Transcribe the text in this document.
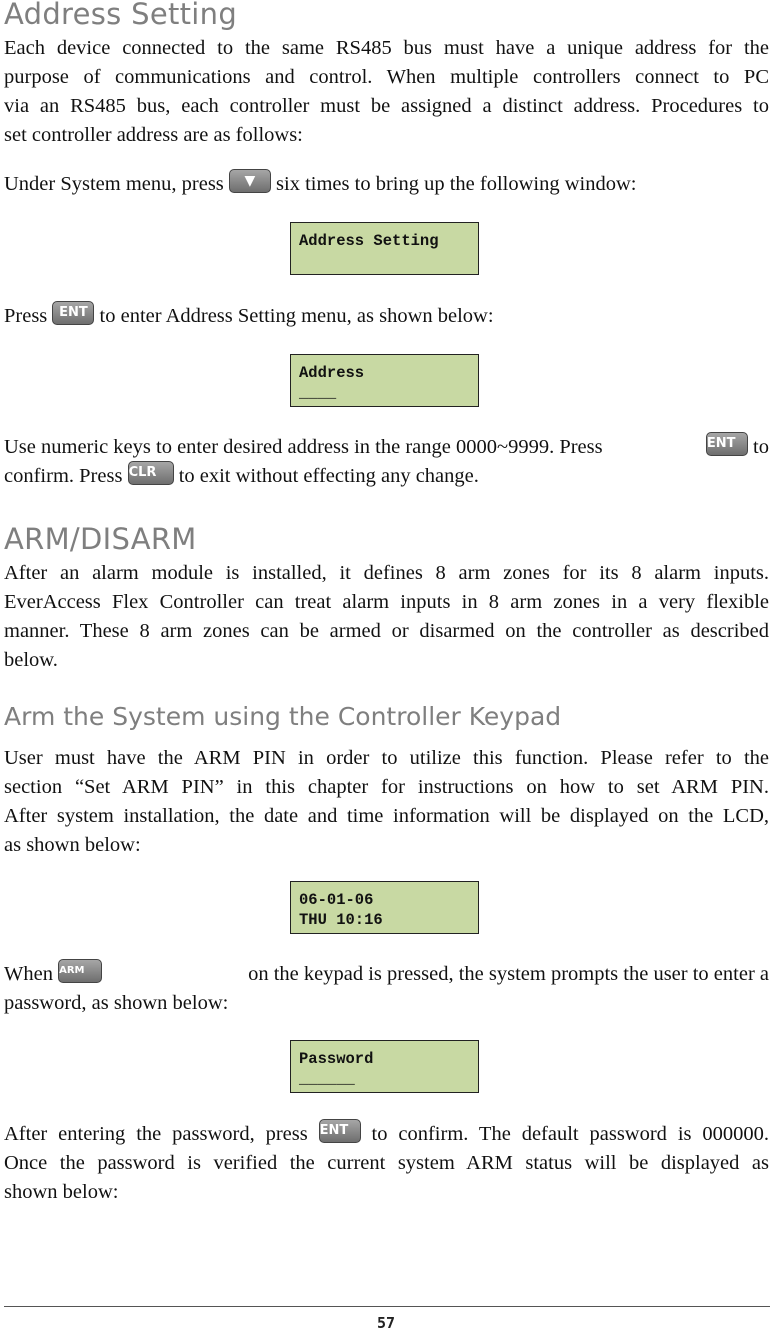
Address Setting
Each device connected to the same RS485 bus must have a unique address for the
purpose of communications and control. When multiple controllers connect to PC
via an RS485 bus, each controller must be assigned a distinct address. Procedures to
set controller address are as follows:
Under System menu, press ▼ six times to bring up the following window:
Address Setting
Press ENT to enter Address Setting menu, as shown below:
Address
____
Use numeric keys to enter desired address in the range 0000~9999. Press	ENT to
confirm. Press CLR to exit without effecting any change.
ARM/DISARM
After an alarm module is installed, it defines 8 arm zones for its 8 alarm inputs.
EverAccess Flex Controller can treat alarm inputs in 8 arm zones in a very flexible
manner. These 8 arm zones can be armed or disarmed on the controller as described
below.
Arm the System using the Controller Keypad
User must have the ARM PIN in order to utilize this function. Please refer to the
section “Set ARM PIN” in this chapter for instructions on how to set ARM PIN.
After system installation, the date and time information will be displayed on the LCD,
as shown below:
06-01-06
THU 10:16
When ARM	on the keypad is pressed, the system prompts the user to enter a
password, as shown below:
Password
______
After entering the password, press ENT to confirm. The default password is 000000.
Once the password is verified the current system ARM status will be displayed as
shown below:
57
